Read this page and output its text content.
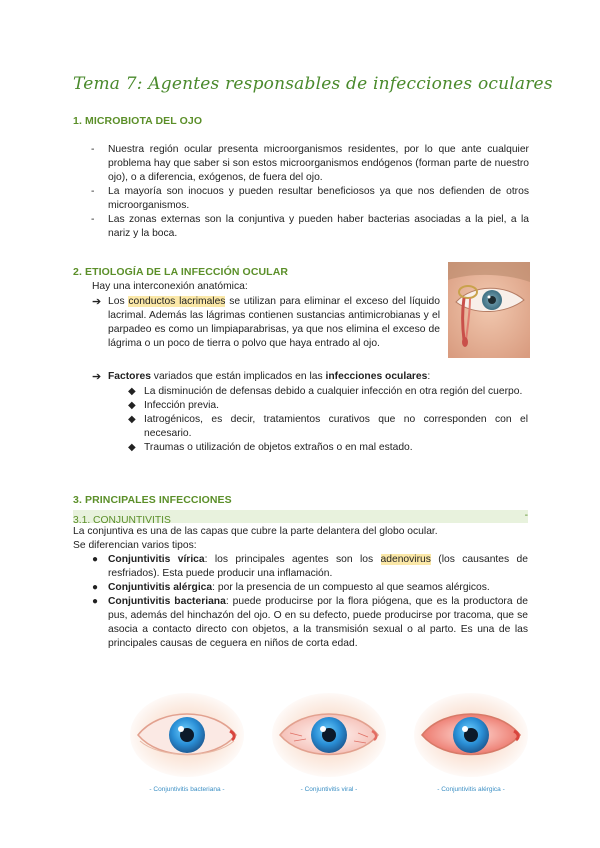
Tema 7: Agentes responsables de infecciones oculares
1. MICROBIOTA DEL OJO
- Nuestra región ocular presenta microorganismos residentes, por lo que ante cualquier problema hay que saber si son estos microorganismos endógenos (forman parte de nuestro ojo), o a diferencia, exógenos, de fuera del ojo.
- La mayoría son inocuos y pueden resultar beneficiosos ya que nos defienden de otros microorganismos.
- Las zonas externas son la conjuntiva y pueden haber bacterias asociadas a la piel, a la nariz y la boca.
2. ETIOLOGÍA DE LA INFECCIÓN OCULAR
Hay una interconexión anatómica:
➔ Los conductos lacrimales se utilizan para eliminar el exceso del líquido lacrimal. Además las lágrimas contienen sustancias antimicrobianas y el parpadeo es como un limpiaparabrisas, ya que nos elimina el exceso de lágrima o un poco de tierra o polvo que haya entrado al ojo.
➔ Factores variados que están implicados en las infecciones oculares:
◆ La disminución de defensas debido a cualquier infección en otra región del cuerpo.
◆ Infección previa.
◆ Iatrogénicos, es decir, tratamientos curativos que no corresponden con el necesario.
◆ Traumas o utilización de objetos extraños o en mal estado.
3. PRINCIPALES INFECCIONES
3.1. CONJUNTIVITIS	-
La conjuntiva es una de las capas que cubre la parte delantera del globo ocular.
Se diferencian varios tipos:
● Conjuntivitis vírica: los principales agentes son los adenovirus (los causantes de resfriados). Esta puede producir una inflamación.
● Conjuntivitis alérgica: por la presencia de un compuesto al que seamos alérgicos.
● Conjuntivitis bacteriana: puede producirse por la flora piógena, que es la productora de pus, además del hinchazón del ojo. O en su defecto, puede producirse por tracoma, que se asocia a contacto directo con objetos, a la transmisión sexual o al parto. Es una de las principales causas de ceguera en niños de corta edad.
- Conjuntivitis bacteriana -	- Conjuntivitis viral -	- Conjuntivitis alérgica -
